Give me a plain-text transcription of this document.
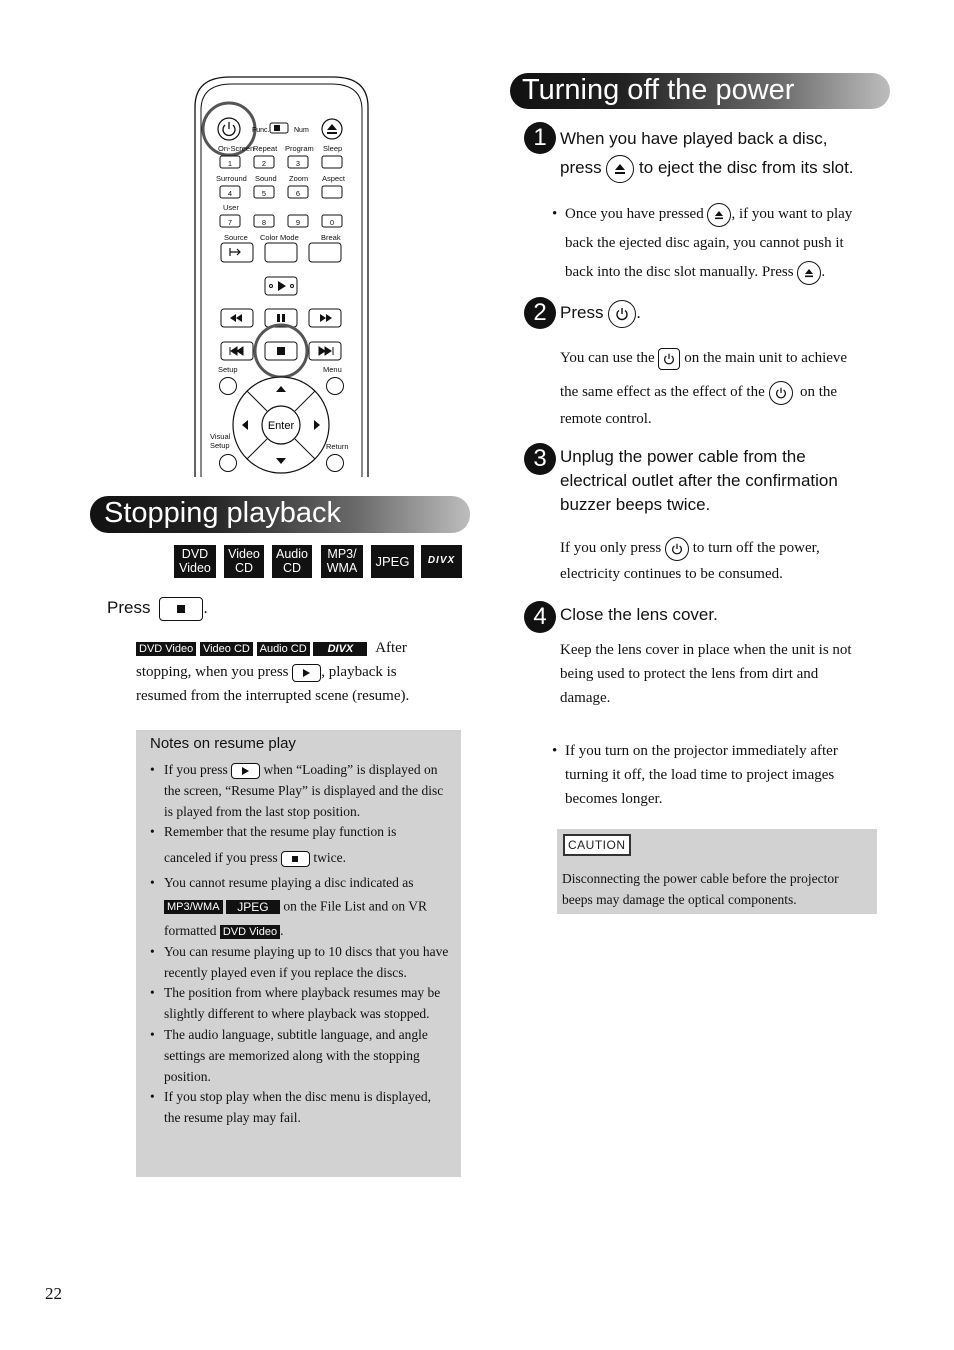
Func.	Num
On-Screen
Repeat Program Sleep
Surround Sound Zoom Aspect
User
Source Color Mode	Break
Setup	Menu
Visual
Setup	Return
1	2	3
4	5	6
7	8	9	0
Enter
Stopping playback
DVD
Video
Video
CD
Audio
CD
MP3/
WMA	JPEG	DIVX
Press	.
DVD Video Video CD Audio CD DIVX After
stopping, when you press , playback is
resumed from the interrupted scene (resume).
Notes on resume play
• If you press	when “Loading” is displayed on the screen, “Resume Play” is displayed and the disc is played from the last stop position.
• Remember that the resume play function is
canceled if you press	twice.
• You cannot resume playing a disc indicated as
MP3/WMA JPEG on the File List and on VR
formatted DVD Video .
• You can resume playing up to 10 discs that you have recently played even if you replace the discs.
• The position from where playback resumes may be slightly different to where playback was stopped.
• The audio language, subtitle language, and angle settings are memorized along with the stopping position.
• If you stop play when the disc menu is displayed, the resume play may fail.
22
Turning off the power
1 When you have played back a disc,
press to eject the disc from its slot.
• Once you have pressed , if you want to play
back the ejected disc again, you cannot push it
back into the disc slot manually. Press .
2 Press .
You can use the on the main unit to achieve
the same effect as the effect of the on the
remote control.
3 Unplug the power cable from the
electrical outlet after the confirmation
buzzer beeps twice.
If you only press to turn off the power,
electricity continues to be consumed.
4 Close the lens cover.
Keep the lens cover in place when the unit is not
being used to protect the lens from dirt and
damage.
• If you turn on the projector immediately after
turning it off, the load time to project images
becomes longer.
CAUTION
Disconnecting the power cable before the projector
beeps may damage the optical components.
